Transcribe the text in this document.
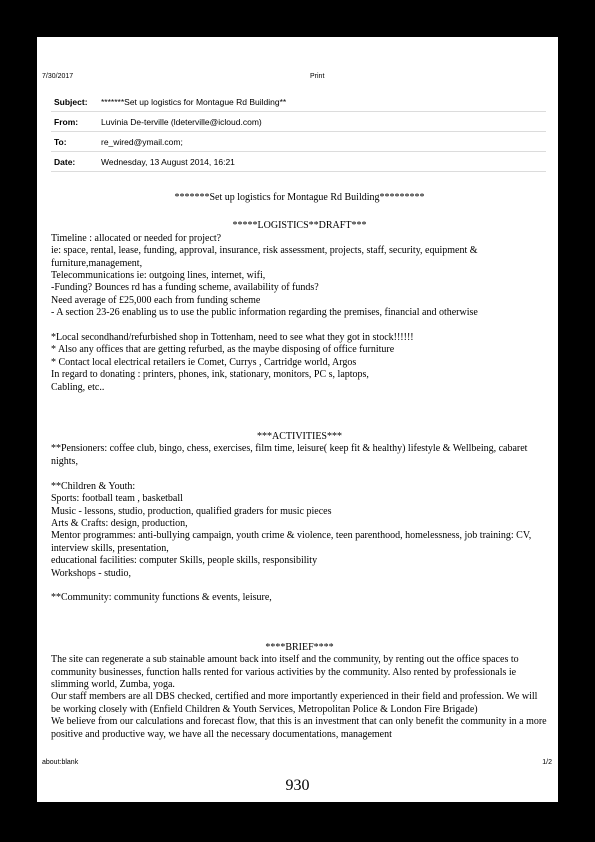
7/30/2017	Print
Subject:	*******Set up logistics for Montague Rd Building**
From:	Luvinia De-terville (ldeterville@icloud.com)
To:	re_wired@ymail.com;
Date:	Wednesday, 13 August 2014, 16:21
*******Set up logistics for Montague Rd Building*********
*****LOGISTICS**DRAFT***
Timeline : allocated or needed for project?
ie: space, rental, lease, funding, approval, insurance, risk assessment, projects, staff, security, equipment & furniture,management,
Telecommunications ie: outgoing lines, internet, wifi,
-Funding? Bounces rd has a funding scheme, availability of funds?
Need average of £25,000 each from funding scheme
- A section 23-26 enabling us to use the public information regarding the premises, financial and otherwise
*Local secondhand/refurbished shop in Tottenham, need to see what they got in stock!!!!!!
* Also any offices that are getting refurbed, as the maybe disposing of office furniture
* Contact local electrical retailers ie Comet, Currys , Cartridge world, Argos
In regard to donating : printers, phones, ink, stationary, monitors, PC s, laptops,
Cabling, etc..
***ACTIVITIES***
**Pensioners: coffee club, bingo, chess, exercises, film time, leisure( keep fit & healthy) lifestyle & Wellbeing, cabaret nights,
**Children & Youth:
Sports: football team , basketball
Music - lessons, studio, production, qualified graders for music pieces
Arts & Crafts: design, production,
Mentor programmes: anti-bullying campaign, youth crime & violence, teen parenthood, homelessness, job training: CV, interview skills, presentation,
educational facilities: computer Skills, people skills, responsibility
Workshops - studio,
**Community: community functions & events, leisure,
****BRIEF****
The site can regenerate a sub stainable amount back into itself and the community, by renting out the office spaces to community businesses, function halls rented for various activities by the community. Also rented by professionals ie slimming world, Zumba, yoga.
Our staff members are all DBS checked, certified and more importantly experienced in their field and profession. We will be working closely with (Enfield Children & Youth Services, Metropolitan Police & London Fire Brigade)
We believe from our calculations and forecast flow, that this is an investment that can only benefit the community in a more positive and productive way, we have all the necessary documentations, management
about:blank	1/2
930
